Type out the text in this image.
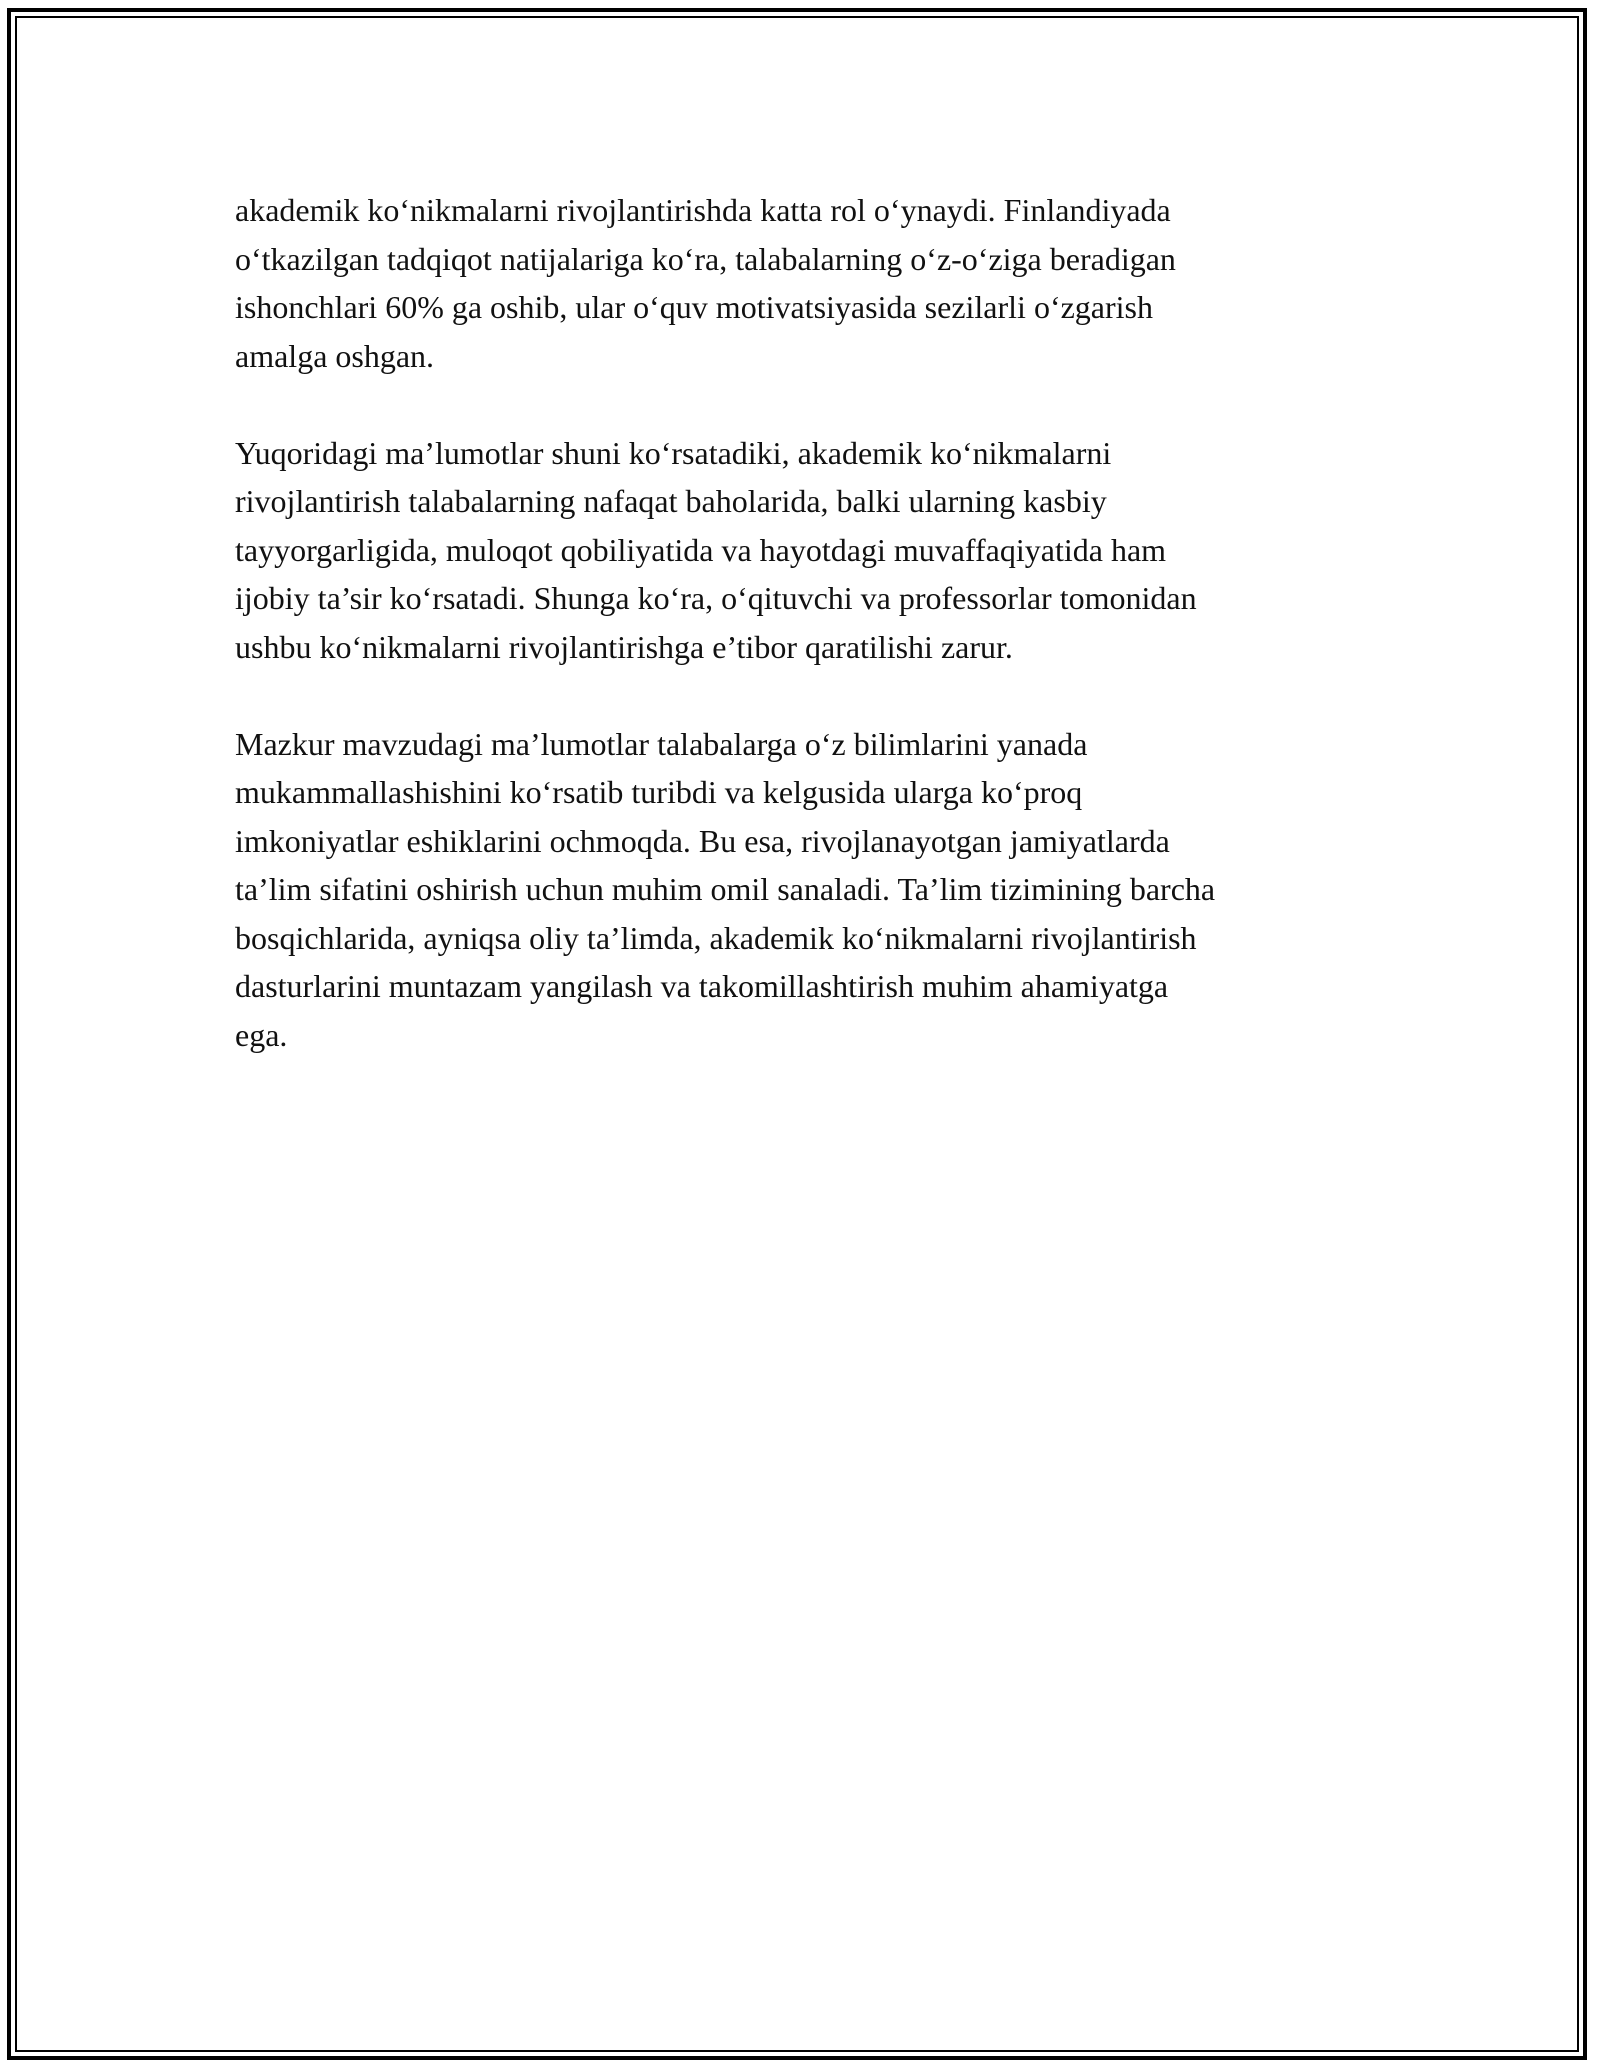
akademik ko‘nikmalarni rivojlantirishda katta rol o‘ynaydi. Finlandiyada
o‘tkazilgan tadqiqot natijalariga ko‘ra, talabalarning o‘z-o‘ziga beradigan
ishonchlari 60% ga oshib, ular o‘quv motivatsiyasida sezilarli o‘zgarish
amalga oshgan.

Yuqoridagi ma’lumotlar shuni ko‘rsatadiki, akademik ko‘nikmalarni
rivojlantirish talabalarning nafaqat baholarida, balki ularning kasbiy
tayyorgarligida, muloqot qobiliyatida va hayotdagi muvaffaqiyatida ham
ijobiy ta’sir ko‘rsatadi. Shunga ko‘ra, o‘qituvchi va professorlar tomonidan
ushbu ko‘nikmalarni rivojlantirishga e’tibor qaratilishi zarur.

Mazkur mavzudagi ma’lumotlar talabalarga o‘z bilimlarini yanada
mukammallashishini ko‘rsatib turibdi va kelgusida ularga ko‘proq
imkoniyatlar eshiklarini ochmoqda. Bu esa, rivojlanayotgan jamiyatlarda
ta’lim sifatini oshirish uchun muhim omil sanaladi. Ta’lim tizimining barcha
bosqichlarida, ayniqsa oliy ta’limda, akademik ko‘nikmalarni rivojlantirish
dasturlarini muntazam yangilash va takomillashtirish muhim ahamiyatga
ega.
